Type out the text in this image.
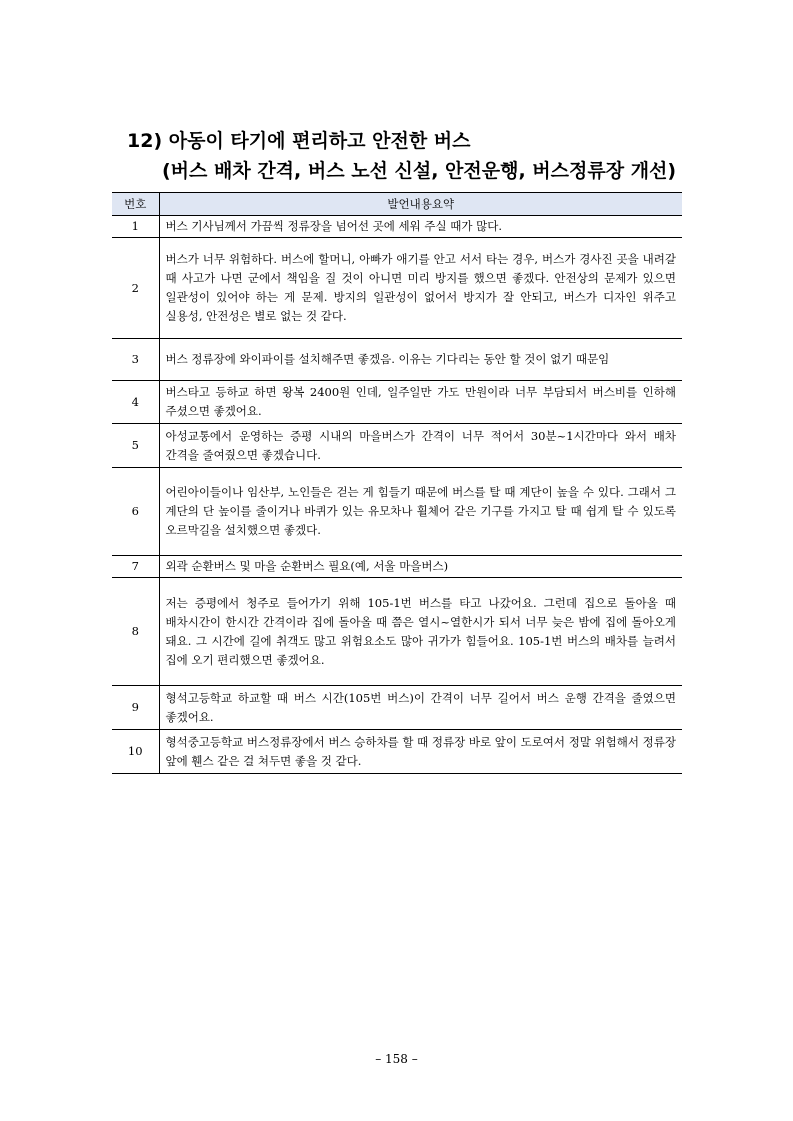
12) 아동이 타기에 편리하고 안전한 버스

(버스 배차 간격, 버스 노선 신설, 안전운행, 버스정류장 개선)

번호	발언내용요약
1	버스 기사님께서 가끔씩 정류장을 넘어선 곳에 세워 주실 때가 많다.
2	버스가 너무 위험하다. 버스에 할머니, 아빠가 애기를 안고 서서 타는 경우, 버스가 경사진 곳을 내려갈 때 사고가 나면 군에서 책임을 질 것이 아니면 미리 방지를 했으면 좋겠다. 안전상의 문제가 있으면 일관성이 있어야 하는 게 문제. 방지의 일관성이 없어서 방지가 잘 안되고, 버스가 디자인 위주고 실용성, 안전성은 별로 없는 것 같다.
3	버스 정류장에 와이파이를 설치해주면 좋겠음. 이유는 기다리는 동안 할 것이 없기 때문임
4	버스타고 등하교 하면 왕복 2400원 인데, 일주일만 가도 만원이라 너무 부담되서 버스비를 인하해 주셨으면 좋겠어요.
5	아성교통에서 운영하는 증평 시내의 마을버스가 간격이 너무 적어서 30분~1시간마다 와서 배차 간격을 줄여줬으면 좋겠습니다.
6	어린아이들이나 임산부, 노인들은 걷는 게 힘들기 때문에 버스를 탈 때 계단이 높을 수 있다. 그래서 그 계단의 단 높이를 줄이거나 바퀴가 있는 유모차나 휠체어 같은 기구를 가지고 탈 때 쉽게 탈 수 있도록 오르막길을 설치했으면 좋겠다.
7	외곽 순환버스 및 마을 순환버스 필요(예, 서울 마을버스)
8	저는 증평에서 청주로 들어가기 위해 105-1번 버스를 타고 나갔어요. 그런데 집으로 돌아올 때 배차시간이 한시간 간격이라 집에 돌아올 때 쯤은 열시~열한시가 되서 너무 늦은 밤에 집에 돌아오게 돼요. 그 시간에 길에 취객도 많고 위험요소도 많아 귀가가 힘들어요. 105-1번 버스의 배차를 늘려서 집에 오기 편리했으면 좋겠어요.
9	형석고등학교 하교할 때 버스 시간(105번 버스)이 간격이 너무 길어서 버스 운행 간격을 줄였으면 좋겠어요.
10	형석중고등학교 버스정류장에서 버스 승하차를 할 때 정류장 바로 앞이 도로여서 정말 위험해서 정류장 앞에 휀스 같은 걸 쳐두면 좋을 것 같다.
– 158 –
